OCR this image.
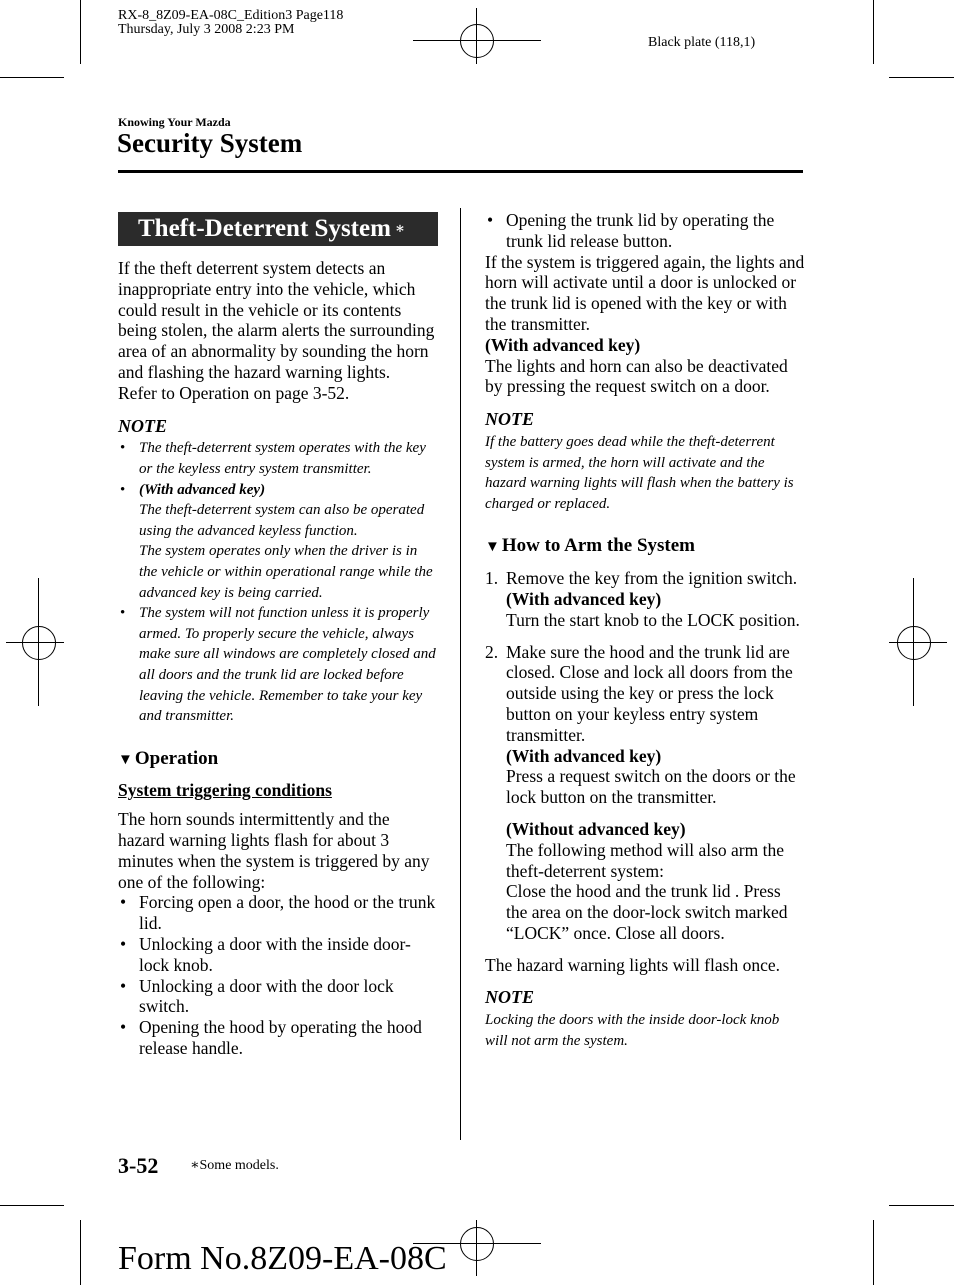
RX-8_8Z09-EA-08C_Edition3 Page118
Thursday, July 3 2008 2:23 PM
Black plate (118,1)
Knowing Your Mazda
Security System
Theft-Deterrent System ∗

If the theft deterrent system detects an inappropriate entry into the vehicle, which could result in the vehicle or its contents being stolen, the alarm alerts the surrounding area of an abnormality by sounding the horn and flashing the hazard warning lights.

Refer to Operation on page 3-52.

NOTE
• The theft-deterrent system operates with the key or the keyless entry system transmitter.
• (With advanced key)
The theft-deterrent system can also be operated using the advanced keyless function.
The system operates only when the driver is in the vehicle or within operational range while the advanced key is being carried.
• The system will not function unless it is properly armed. To properly secure the vehicle, always make sure all windows are completely closed and all doors and the trunk lid are locked before leaving the vehicle. Remember to take your key and transmitter.
▼ Operation
System triggering conditions

The horn sounds intermittently and the hazard warning lights flash for about 3 minutes when the system is triggered by any one of the following:

• Forcing open a door, the hood or the trunk lid.
• Unlocking a door with the inside door-lock knob.
• Unlocking a door with the door lock switch.
• Opening the hood by operating the hood release handle.
• Opening the trunk lid by operating the trunk lid release button.

If the system is triggered again, the lights and horn will activate until a door is unlocked or the trunk lid is opened with the key or with the transmitter.

(With advanced key)

The lights and horn can also be deactivated by pressing the request switch on a door.

NOTE

If the battery goes dead while the theft-deterrent system is armed, the horn will activate and the hazard warning lights will flash when the battery is charged or replaced.

▼ How to Arm the System
1. Remove the key from the ignition switch.

(With advanced key)

Turn the start knob to the LOCK position.

2. Make sure the hood and the trunk lid are closed. Close and lock all doors from the outside using the key or press the lock button on your keyless entry system transmitter.

(With advanced key)

Press a request switch on the doors or the lock button on the transmitter.

(Without advanced key)

The following method will also arm the theft-deterrent system:

Close the hood and the trunk lid . Press the area on the door-lock switch marked “LOCK” once. Close all doors.

The hazard warning lights will flash once.

NOTE

Locking the doors with the inside door-lock knob will not arm the system.

3-52 ∗Some models.
Form No.8Z09-EA-08C
